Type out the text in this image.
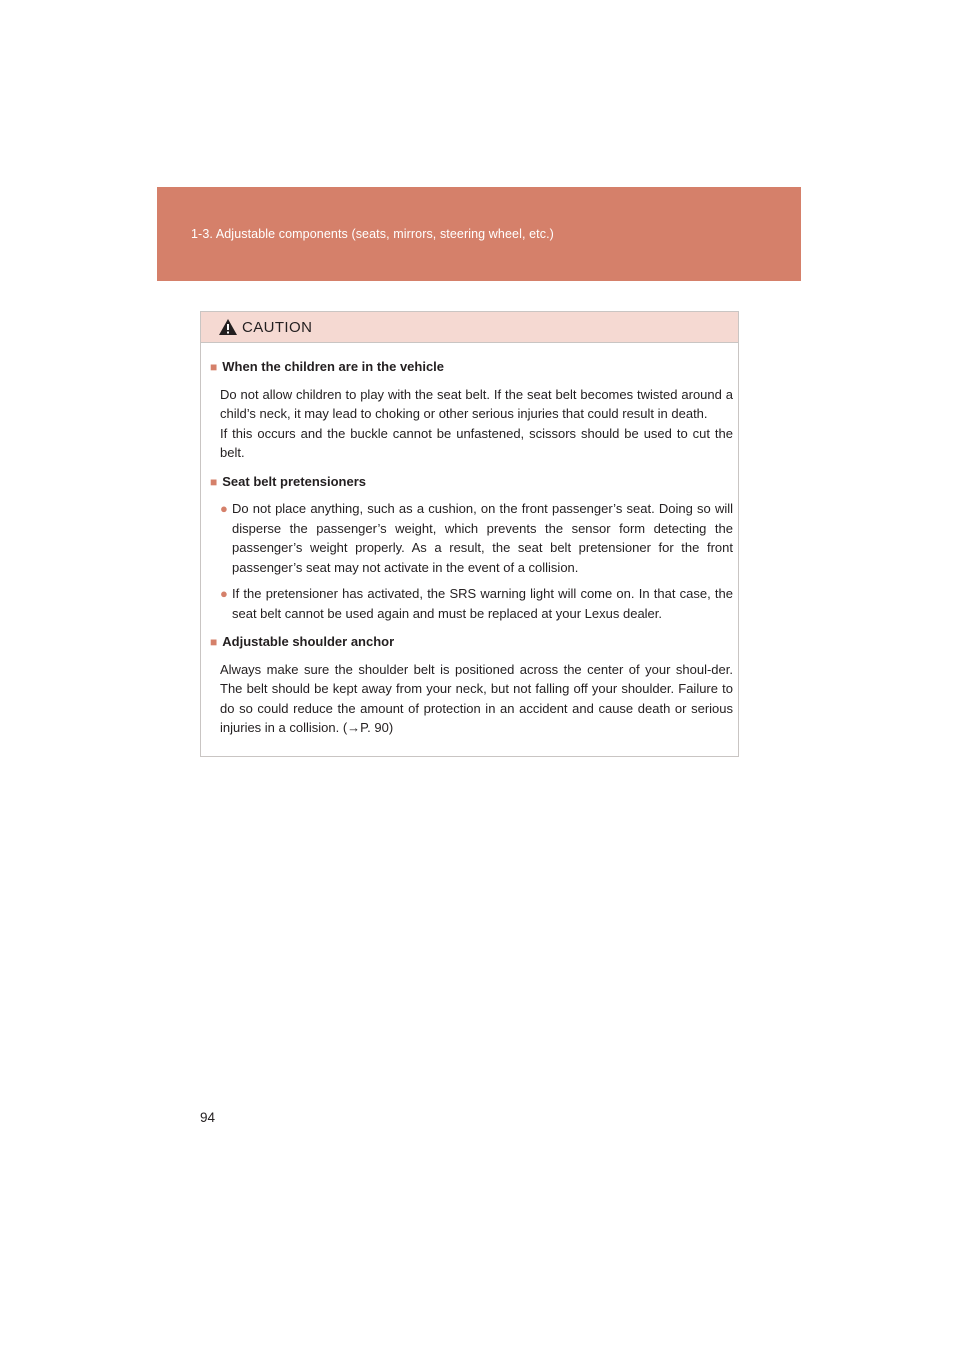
1-3. Adjustable components (seats, mirrors, steering wheel, etc.)
CAUTION
■ When the children are in the vehicle

Do not allow children to play with the seat belt. If the seat belt becomes twisted around a child’s neck, it may lead to choking or other serious injuries that could result in death.

If this occurs and the buckle cannot be unfastened, scissors should be used to cut the belt.

■ Seat belt pretensioners
● Do not place anything, such as a cushion, on the front passenger’s seat. Doing so will disperse the passenger’s weight, which prevents the sensor form detecting the passenger’s weight properly. As a result, the seat belt pretensioner for the front passenger’s seat may not activate in the event of a collision.
● If the pretensioner has activated, the SRS warning light will come on. In that case, the seat belt cannot be used again and must be replaced at your Lexus dealer.
■ Adjustable shoulder anchor

Always make sure the shoulder belt is positioned across the center of your shoul-der. The belt should be kept away from your neck, but not falling off your shoulder. Failure to do so could reduce the amount of protection in an accident and cause death or serious injuries in a collision. (→P. 90)

94
